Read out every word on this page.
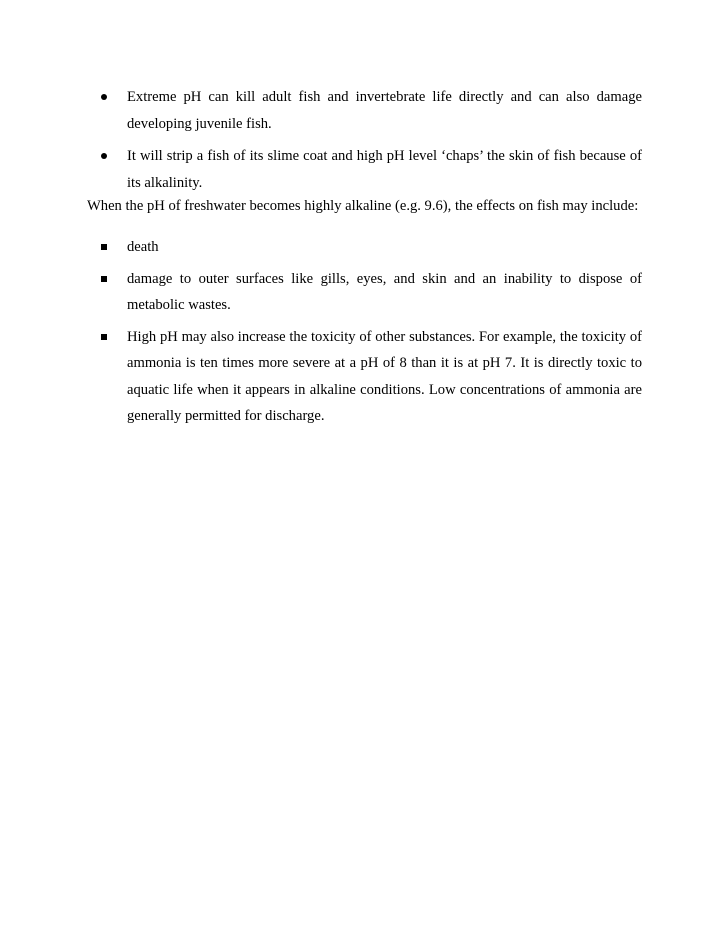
Extreme pH can kill adult fish and invertebrate life directly and can also damage developing juvenile fish.
It will strip a fish of its slime coat and high pH level ‘chaps’ the skin of fish because of its alkalinity.

When the pH of freshwater becomes highly alkaline (e.g. 9.6), the effects on fish may include:

death
damage to outer surfaces like gills, eyes, and skin and an inability to dispose of metabolic wastes.
High pH may also increase the toxicity of other substances. For example, the toxicity of ammonia is ten times more severe at a pH of 8 than it is at pH 7. It is directly toxic to aquatic life when it appears in alkaline conditions. Low concentrations of ammonia are generally permitted for discharge.
